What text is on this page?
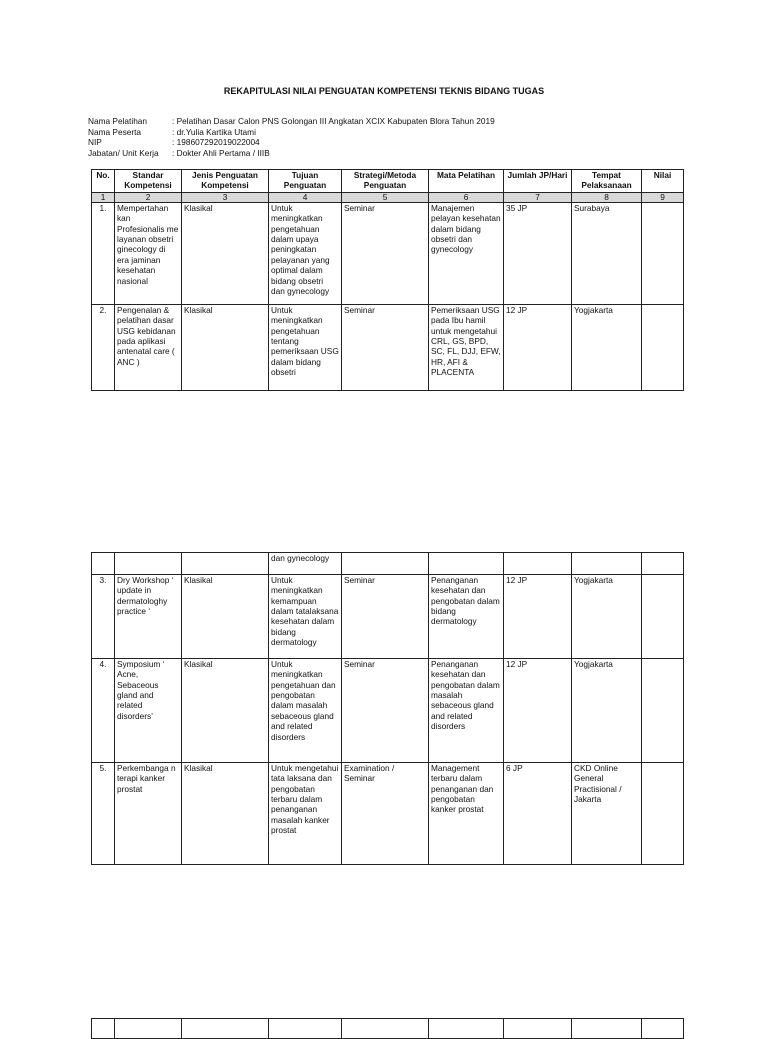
REKAPITULASI NILAI PENGUATAN KOMPETENSI TEKNIS BIDANG TUGAS
Nama Pelatihan	: Pelatihan Dasar Calon PNS Golongan III Angkatan XCIX Kabupaten Blora Tahun 2019
Nama Peserta	: dr.Yulia Kartika Utami
NIP	: 198607292019022004
Jabatan/ Unit Kerja	: Dokter Ahli Pertama / IIIB
No.	Standar Kompetensi	Jenis Penguatan Kompetensi	Tujuan Penguatan	Strategi/Metoda Penguatan	Mata Pelatihan	Jumlah JP/Hari	Tempat Pelaksanaan	Nilai
1	2	3	4	5	6	7	8	9
1.	Mempertahan kan Profesionalis me layanan obsetri ginecology di era jaminan kesehatan nasional	Klasikal	Untuk meningkatkan pengetahuan dalam upaya peningkatan pelayanan yang optimal dalam bidang obsetri dan gynecology	Seminar	Manajemen pelayan kesehatan dalam bidang obsetri dan gynecology	35 JP	Surabaya	
2.	Pengenalan & pelatihan dasar USG kebidanan pada aplikasi antenatal care ( ANC )	Klasikal	Untuk meningkatkan pengetahuan tentang pemeriksaan USG dalam bidang obsetri	Seminar	Pemeriksaan USG pada Ibu hamil untuk mengetahui CRL, GS, BPD, SC, FL, DJJ, EFW, HR, AFI & PLACENTA	12 JP	Yogjakarta	
			dan gynecology					
3.	Dry Workshop ‘ update in dermatologhy practice ‘	Klasikal	Untuk meningkatkan kemampuan dalam tatalaksana kesehatan dalam bidang dermatology	Seminar	Penanganan kesehatan dan pengobatan dalam bidang dermatology	12 JP	Yogjakarta	
4.	Symposium ‘ Acne, Sebaceous gland and related disorders’	Klasikal	Untuk meningkatkan pengetahuan dan pengobatan dalam masalah sebaceous gland and related disorders	Seminar	Penanganan kesehatan dan pengobatan dalam masalah sebaceous gland and related disorders	12 JP	Yogjakarta	
5.	Perkembanga n terapi kanker prostat	Klasikal	Untuk mengetahui tata laksana dan pengobatan terbaru dalam penanganan masalah kanker prostat	Examination / Seminar	Management terbaru dalam penanganan dan pengobatan kanker prostat	6 JP	CKD Online General Practisional / Jakarta	
